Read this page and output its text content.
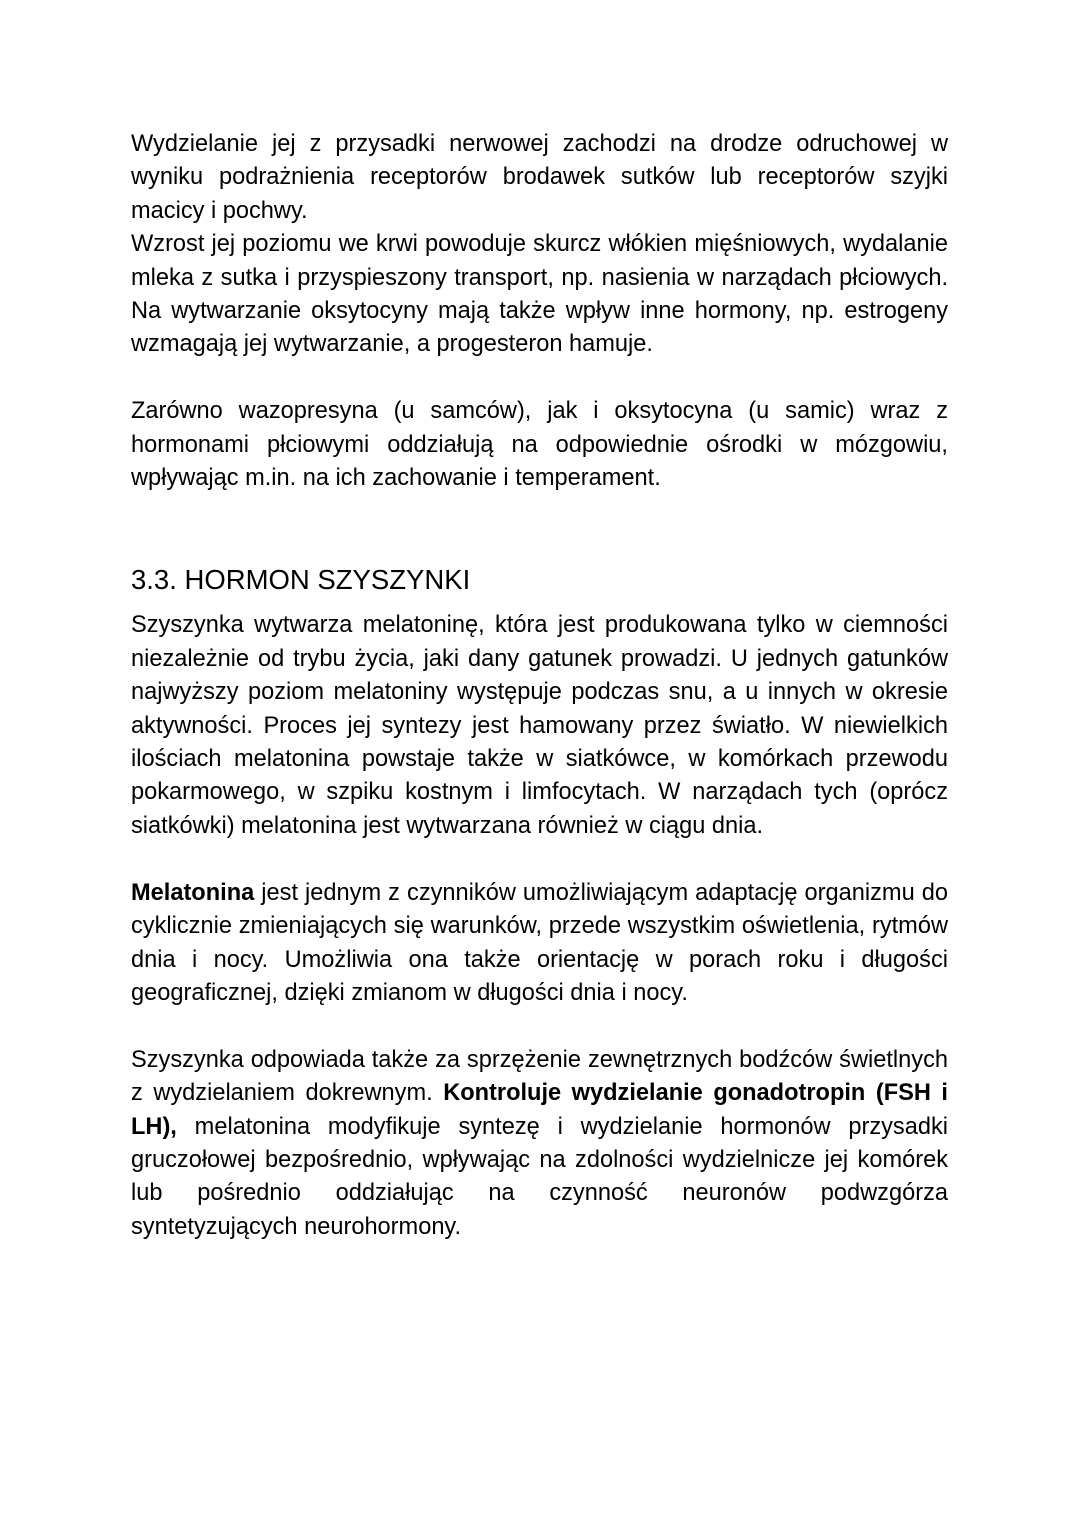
Wydzielanie jej z przysadki nerwowej zachodzi na drodze odruchowej w wyniku podrażnienia receptorów brodawek sutków lub receptorów szyjki macicy i pochwy.

Wzrost jej poziomu we krwi powoduje skurcz włókien mięśniowych, wydalanie mleka z sutka i przyspieszony transport, np. nasienia w narządach płciowych. Na wytwarzanie oksytocyny mają także wpływ inne hormony, np. estrogeny wzmagają jej wytwarzanie, a progesteron hamuje.

Zarówno wazopresyna (u samców), jak i oksytocyna (u samic) wraz z hormonami płciowymi oddziałują na odpowiednie ośrodki w mózgowiu, wpływając m.in. na ich zachowanie i temperament.

3.3. HORMON SZYSZYNKI

Szyszynka wytwarza melatoninę, która jest produkowana tylko w ciemności niezależnie od trybu życia, jaki dany gatunek prowadzi. U jednych gatunków najwyższy poziom melatoniny występuje podczas snu, a u innych w okresie aktywności. Proces jej syntezy jest hamowany przez światło. W niewielkich ilościach melatonina powstaje także w siatkówce, w komórkach przewodu pokarmowego, w szpiku kostnym i limfocytach. W narządach tych (oprócz siatkówki) melatonina jest wytwarzana również w ciągu dnia.

Melatonina jest jednym z czynników umożliwiającym adaptację organizmu do cyklicznie zmieniających się warunków, przede wszystkim oświetlenia, rytmów dnia i nocy. Umożliwia ona także orientację w porach roku i długości geograficznej, dzięki zmianom w długości dnia i nocy.

Szyszynka odpowiada także za sprzężenie zewnętrznych bodźców świetlnych z wydzielaniem dokrewnym. Kontroluje wydzielanie gonadotropin (FSH i LH), melatonina modyfikuje syntezę i wydzielanie hormonów przysadki gruczołowej bezpośrednio, wpływając na zdolności wydzielnicze jej komórek lub pośrednio oddziałując na czynność neuronów podwzgórza syntetyzujących neurohormony.
